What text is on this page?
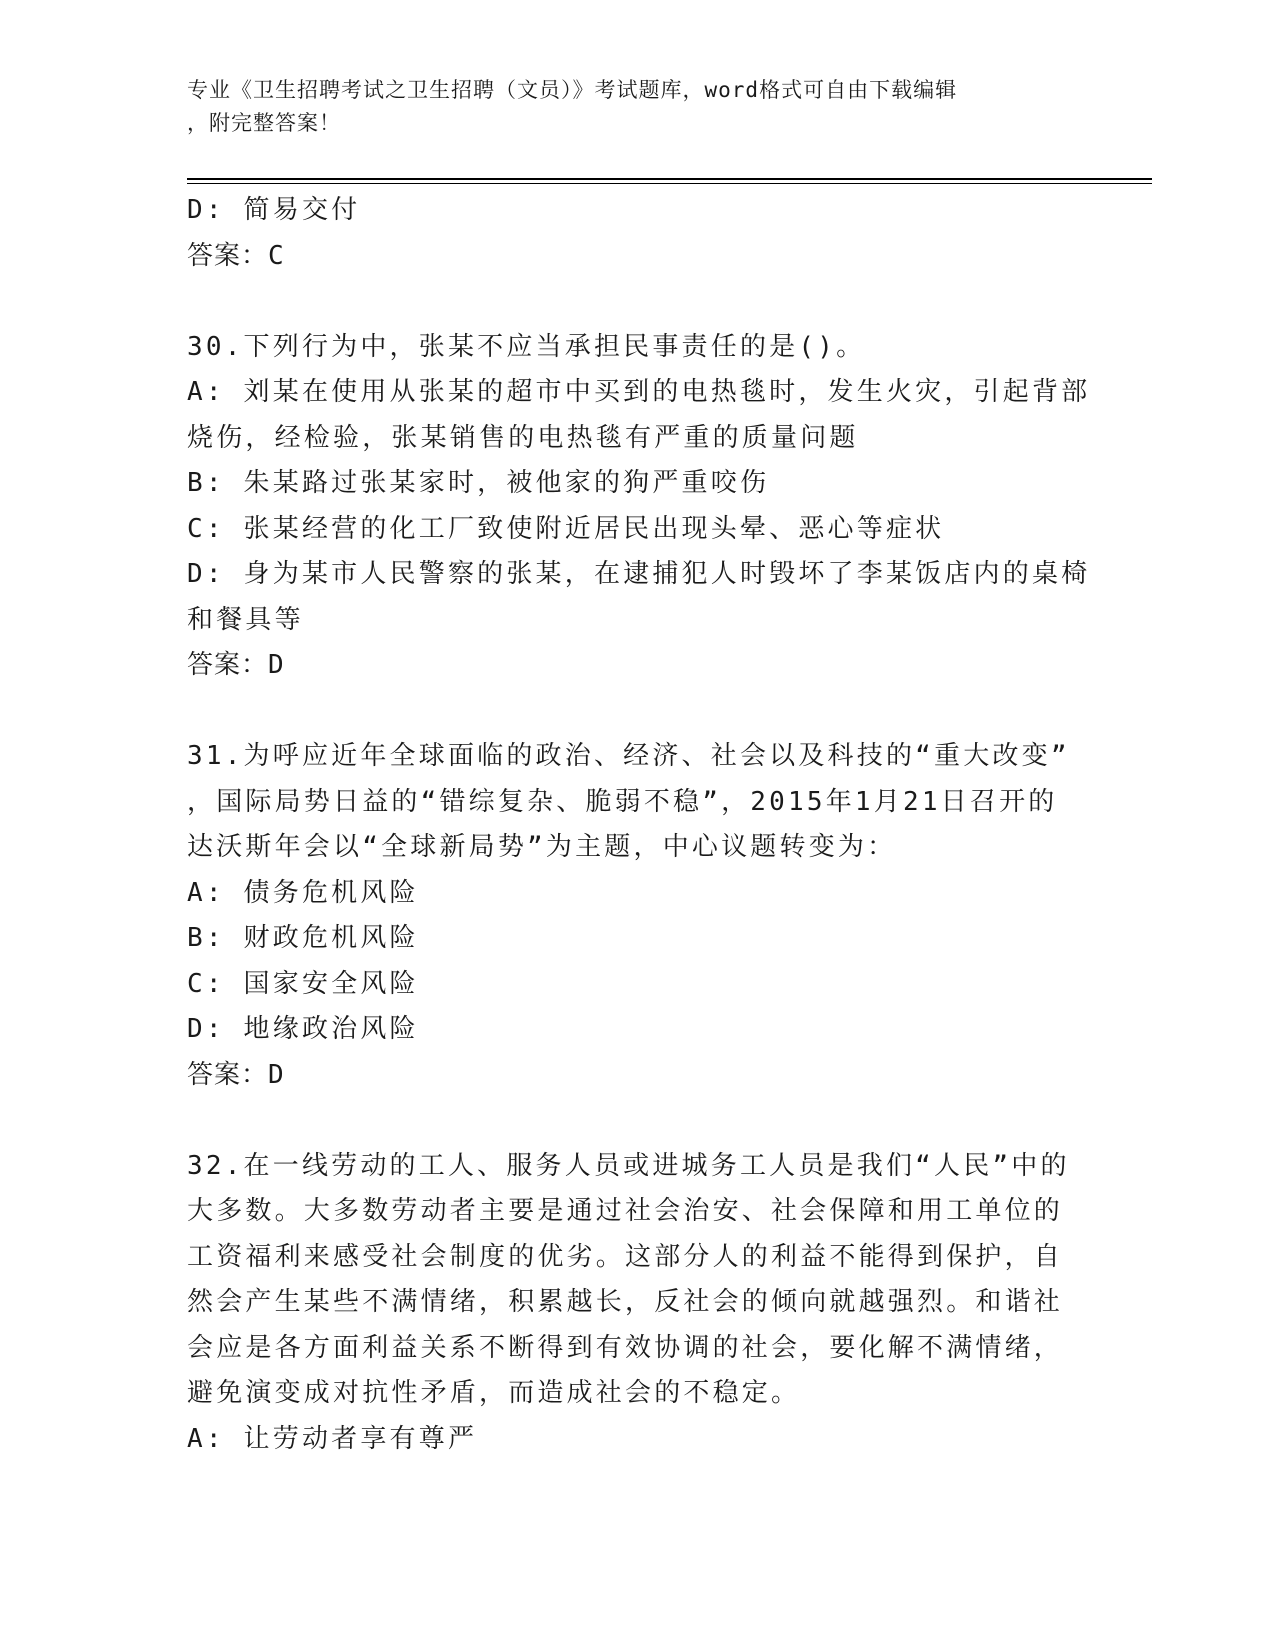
专业《卫生招聘考试之卫生招聘（文员）》考试题库，word格式可自由下载编辑
，附完整答案！
D: 简易交付
答案：C
30.下列行为中，张某不应当承担民事责任的是()。
A: 刘某在使用从张某的超市中买到的电热毯时，发生火灾，引起背部
烧伤，经检验，张某销售的电热毯有严重的质量问题
B: 朱某路过张某家时，被他家的狗严重咬伤
C: 张某经营的化工厂致使附近居民出现头晕、恶心等症状
D: 身为某市人民警察的张某，在逮捕犯人时毁坏了李某饭店内的桌椅
和餐具等
答案：D
31.为呼应近年全球面临的政治、经济、社会以及科技的“重大改变”
，国际局势日益的“错综复杂、脆弱不稳”，2015年1月21日召开的
达沃斯年会以“全球新局势”为主题，中心议题转变为：
A: 债务危机风险
B: 财政危机风险
C: 国家安全风险
D: 地缘政治风险
答案：D
32.在一线劳动的工人、服务人员或进城务工人员是我们“人民”中的
大多数。大多数劳动者主要是通过社会治安、社会保障和用工单位的
工资福利来感受社会制度的优劣。这部分人的利益不能得到保护，自
然会产生某些不满情绪，积累越长，反社会的倾向就越强烈。和谐社
会应是各方面利益关系不断得到有效协调的社会，要化解不满情绪，
避免演变成对抗性矛盾，而造成社会的不稳定。
A: 让劳动者享有尊严
